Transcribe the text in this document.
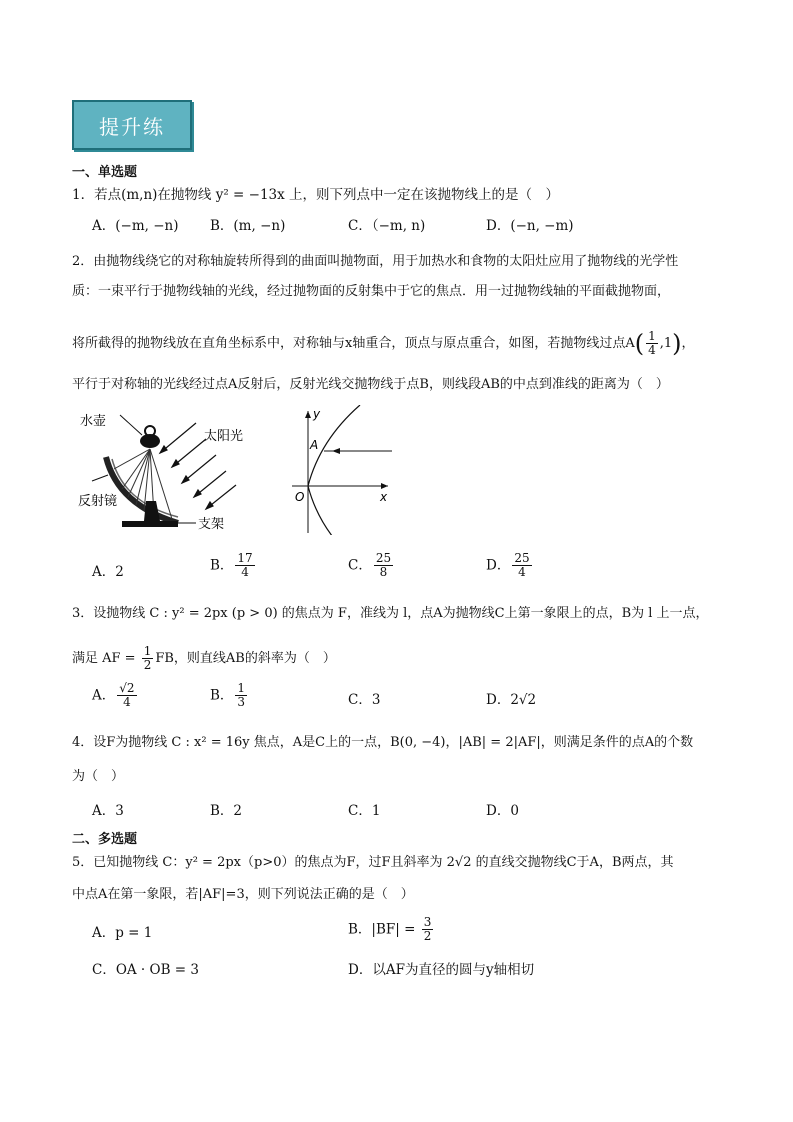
提升练
一、单选题
1．若点(m,n)在抛物线 y² = −13x 上，则下列点中一定在该抛物线上的是（　）
A．(−m, −n) B．(m, −n)	C．（−m, n)	D．(−n, −m)
2．由抛物线绕它的对称轴旋转所得到的曲面叫抛物面，用于加热水和食物的太阳灶应用了抛物线的光学性
质：一束平行于抛物线轴的光线，经过抛物面的反射集中于它的焦点．用一过抛物线轴的平面截抛物面，
将所截得的抛物线放在直角坐标系中，对称轴与x轴重合，顶点与原点重合，如图，若抛物线过点$A( \frac{1}{4} ,1)$，
平行于对称轴的光线经过点A反射后，反射光线交抛物线于点B，则线段AB的中点到准线的距离为（　）
水壶
太阳光
反射镜
支架
y
A
O	x
A．2	B． $\frac{17}{4}$	C． $\frac{25}{8}$	D． $\frac{25}{4}$
3．设抛物线 C : y² = 2px (p > 0) 的焦点为 F，准线为 l，点A为抛物线C上第一象限上的点，B为 l 上一点，
满足 AF = $\frac{1}{2}$ FB，则直线AB的斜率为（　）
A． $\frac{√2}{4}$	B． $\frac{1}{3}$	C．3	D．2√2
4．设F为抛物线 C : x² = 16y 焦点，A是C上的一点，B(0, −4)，|AB| = 2|AF|，则满足条件的点A的个数
为（　）
A．3	B．2	C．1	D．0
二、多选题
5．已知抛物线 C：y² = 2px（p>0）的焦点为F，过F且斜率为 2√2 的直线交抛物线C于A，B两点，其
中点A在第一象限，若|AF|=3，则下列说法正确的是（　）
A．p = 1	B．$|BF| = \frac{3}{2}$
C．OA · OB = 3	D．以AF为直径的圆与y轴相切
